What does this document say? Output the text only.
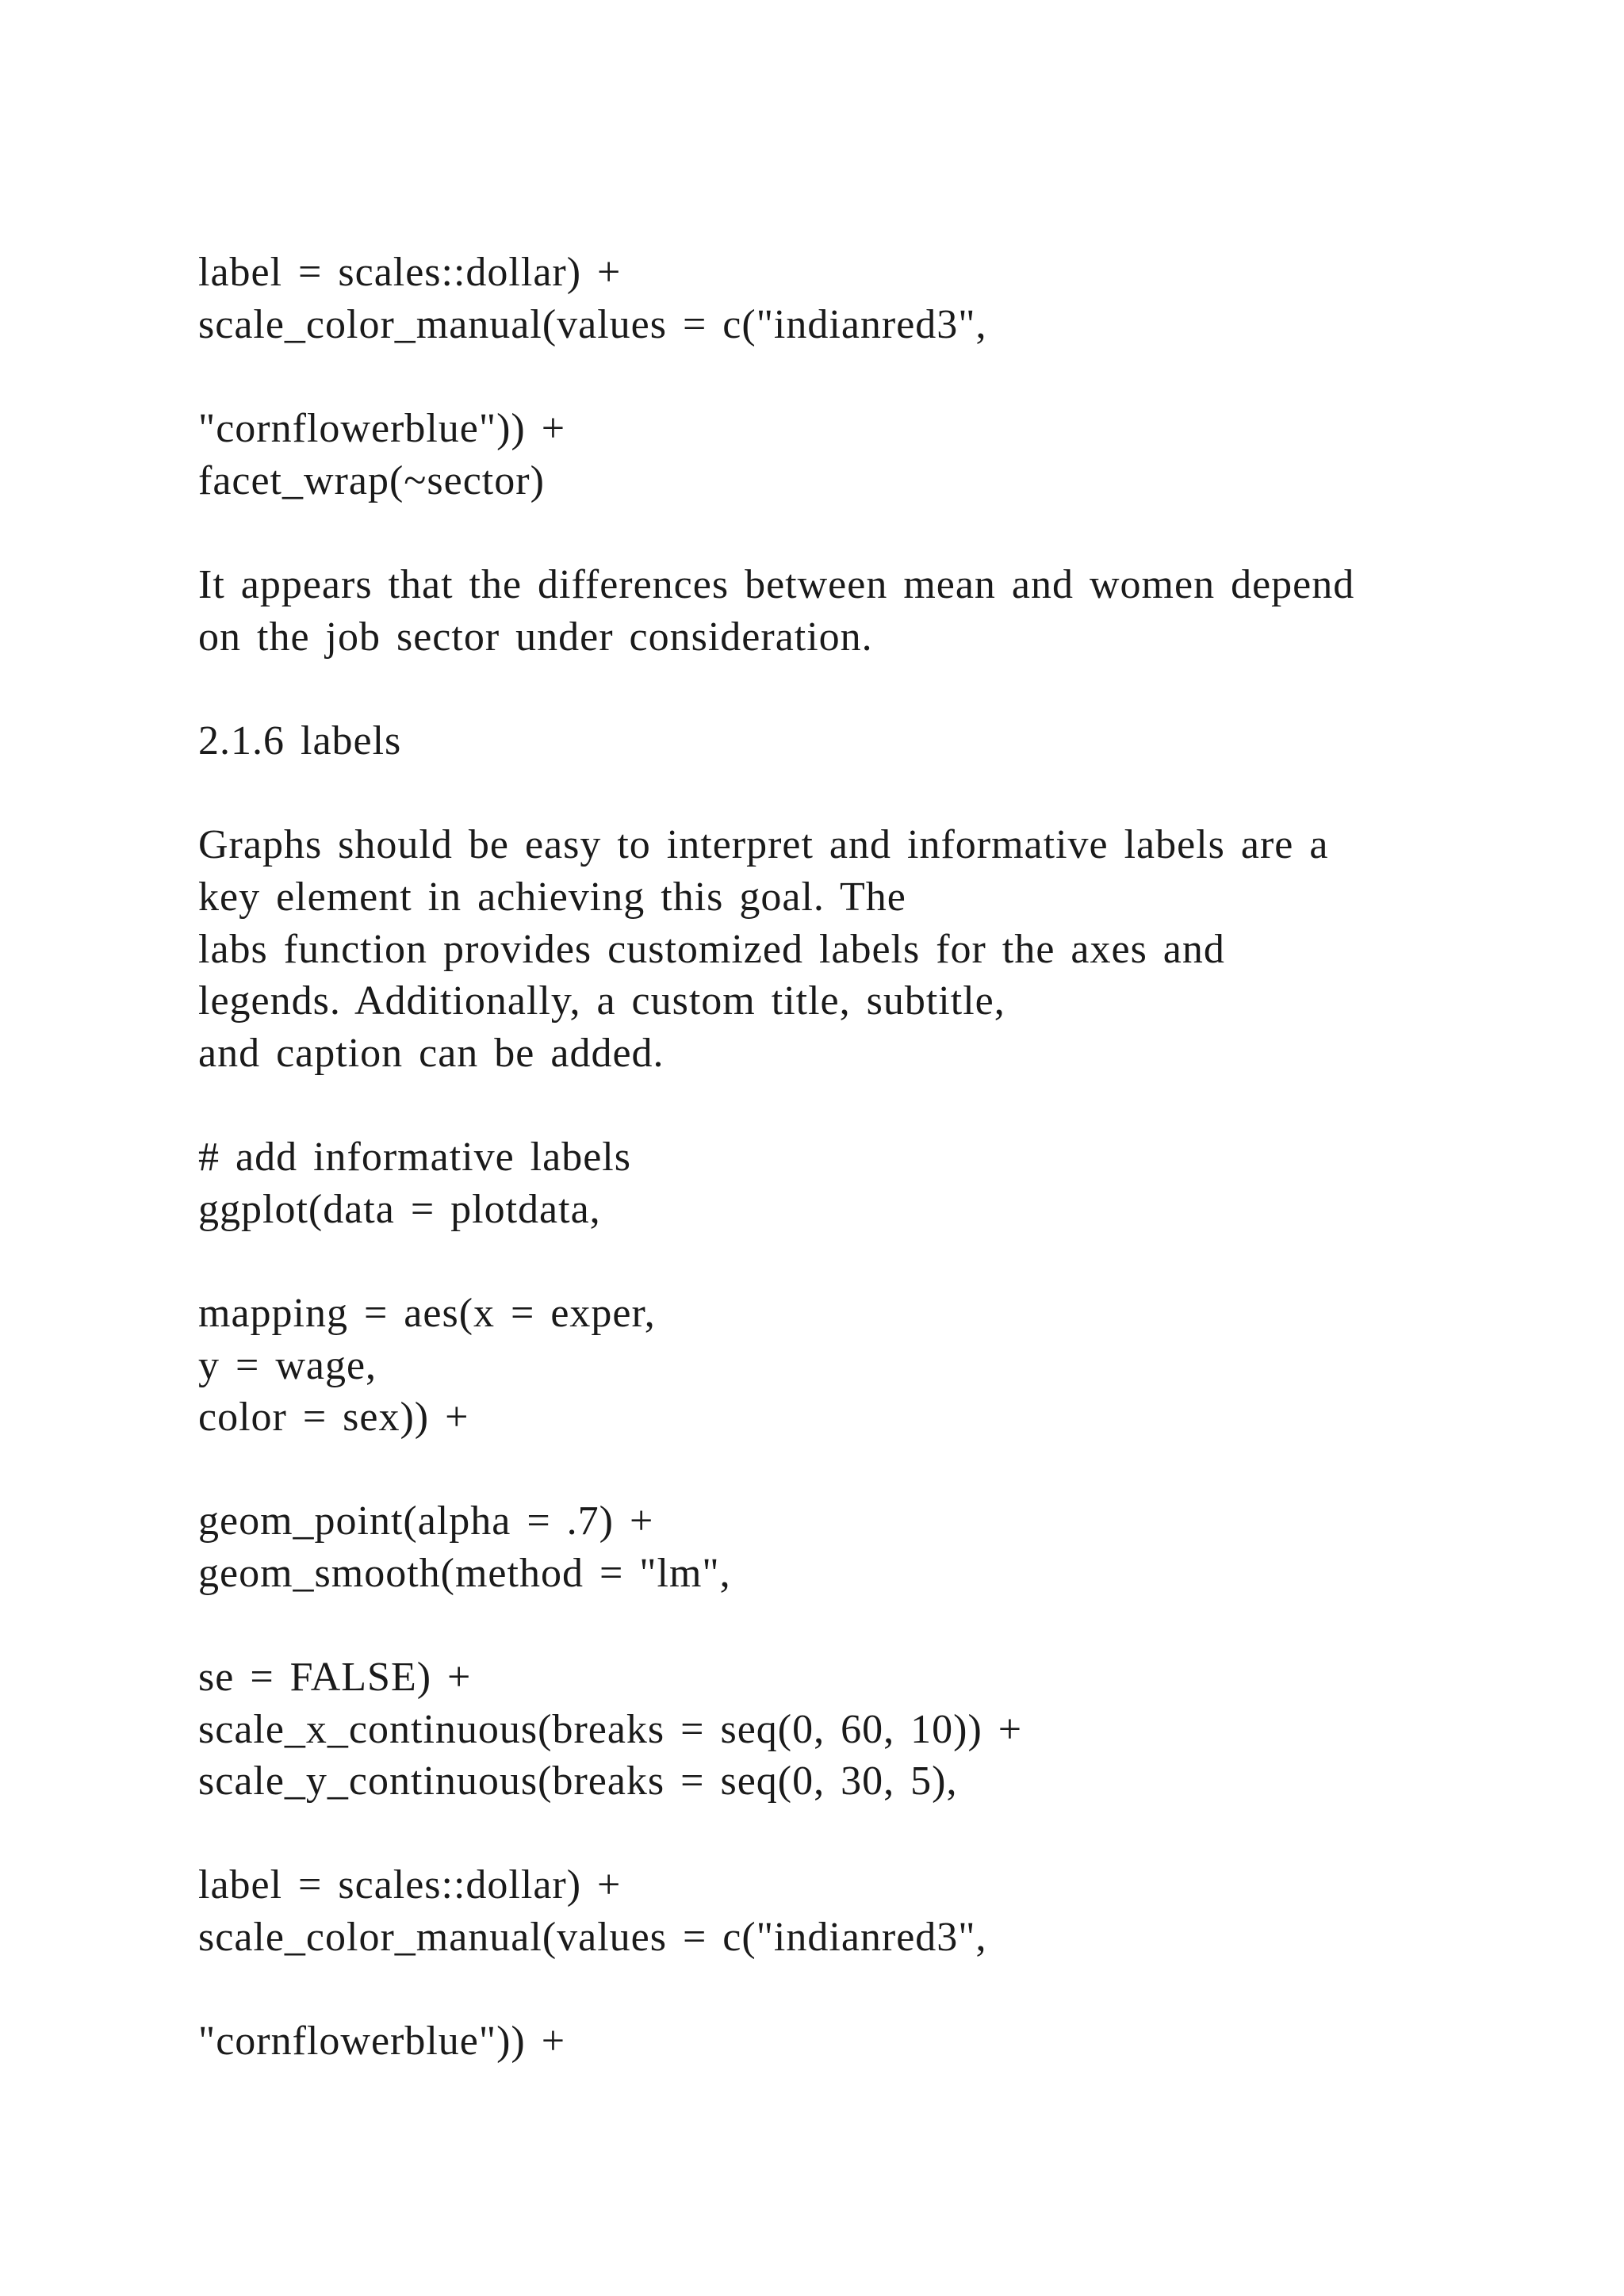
label = scales::dollar) +
scale_color_manual(values = c("indianred3",
"cornflowerblue")) +
facet_wrap(~sector)
It appears that the differences between mean and women depend
on the job sector under consideration.
2.1.6 labels
Graphs should be easy to interpret and informative labels are a
key element in achieving this goal. The
labs function provides customized labels for the axes and
legends. Additionally, a custom title, subtitle,
and caption can be added.
# add informative labels
ggplot(data = plotdata,
mapping = aes(x = exper,
y = wage,
color = sex)) +
geom_point(alpha = .7) +
geom_smooth(method = "lm",
se = FALSE) +
scale_x_continuous(breaks = seq(0, 60, 10)) +
scale_y_continuous(breaks = seq(0, 30, 5),
label = scales::dollar) +
scale_color_manual(values = c("indianred3",
"cornflowerblue")) +
